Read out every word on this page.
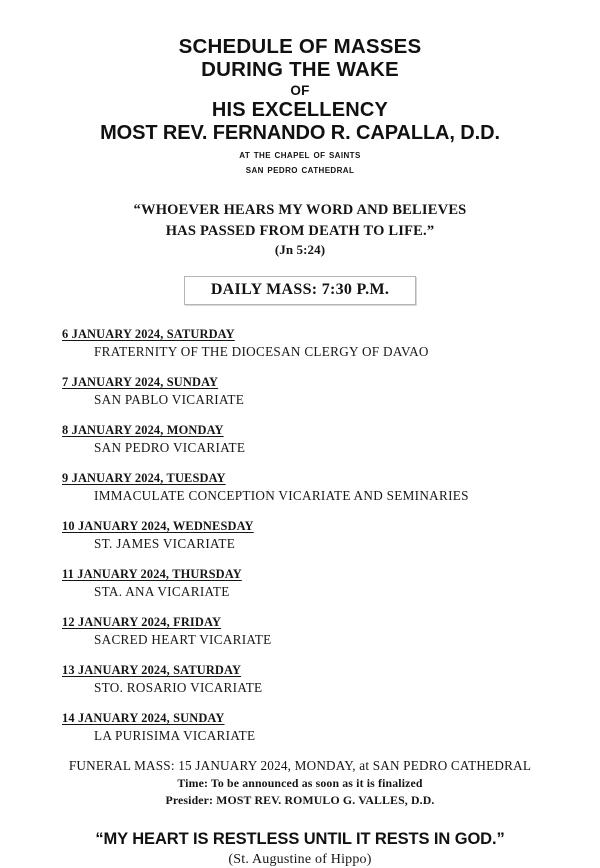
SCHEDULE OF MASSES
DURING THE WAKE
OF
HIS EXCELLENCY
MOST REV. FERNANDO R. CAPALLA, D.D.
at the chapel of saints
san pedro cathedral
“WHOEVER HEARS MY WORD AND BELIEVES
HAS PASSED FROM DEATH TO LIFE.”
(Jn 5:24)
DAILY MASS: 7:30 P.M.
6 JANUARY 2024, SATURDAY
FRATERNITY OF THE DIOCESAN CLERGY OF DAVAO
7 JANUARY 2024, SUNDAY
SAN PABLO VICARIATE
8 JANUARY 2024, MONDAY
SAN PEDRO VICARIATE
9 JANUARY 2024, TUESDAY
IMMACULATE CONCEPTION VICARIATE AND SEMINARIES
10 JANUARY 2024, WEDNESDAY
ST. JAMES VICARIATE
11 JANUARY 2024, THURSDAY
STA. ANA VICARIATE
12 JANUARY 2024, FRIDAY
SACRED HEART VICARIATE
13 JANUARY 2024, SATURDAY
STO. ROSARIO VICARIATE
14 JANUARY 2024, SUNDAY
LA PURISIMA VICARIATE
FUNERAL MASS: 15 JANUARY 2024, MONDAY, at SAN PEDRO CATHEDRAL
Time: To be announced as soon as it is finalized
Presider: MOST REV. ROMULO G. VALLES, D.D.
“MY HEART IS RESTLESS UNTIL IT RESTS IN GOD.”
(St. Augustine of Hippo)
